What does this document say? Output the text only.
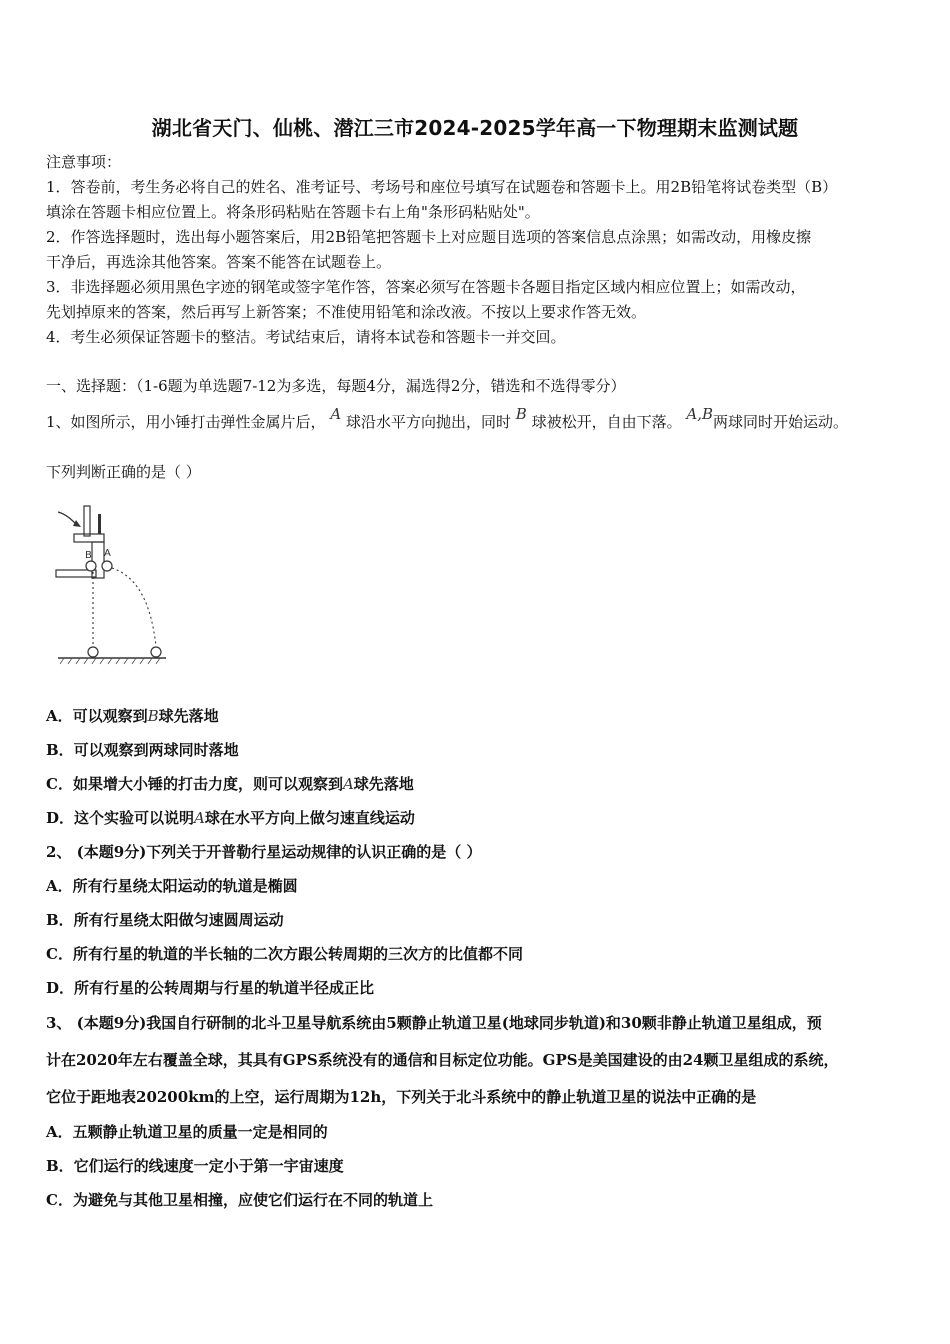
湖北省天门、仙桃、潜江三市2024-2025学年高一下物理期末监测试题
注意事项：
1．答卷前，考生务必将自己的姓名、准考证号、考场号和座位号填写在试题卷和答题卡上。用2B铅笔将试卷类型（B）
填涂在答题卡相应位置上。将条形码粘贴在答题卡右上角"条形码粘贴处"。
2．作答选择题时，选出每小题答案后，用2B铅笔把答题卡上对应题目选项的答案信息点涂黑；如需改动，用橡皮擦
干净后，再选涂其他答案。答案不能答在试题卷上。
3．非选择题必须用黑色字迹的钢笔或签字笔作答，答案必须写在答题卡各题目指定区域内相应位置上；如需改动，
先划掉原来的答案，然后再写上新答案；不准使用铅笔和涂改液。不按以上要求作答无效。
4．考生必须保证答题卡的整洁。考试结束后，请将本试卷和答题卡一并交回。
一、选择题：（1-6题为单选题7-12为多选，每题4分，漏选得2分，错选和不选得零分）
1、如图所示，用小锤打击弹性金属片后， A 球沿水平方向抛出，同时 B 球被松开，自由下落。 A,B两球同时开始运动。
下列判断正确的是（ ）
B A
A．可以观察到B球先落地
B．可以观察到两球同时落地
C．如果增大小锤的打击力度，则可以观察到A球先落地
D．这个实验可以说明A球在水平方向上做匀速直线运动
2、 (本题9分)下列关于开普勒行星运动规律的认识正确的是（ ）
A．所有行星绕太阳运动的轨道是椭圆
B．所有行星绕太阳做匀速圆周运动
C．所有行星的轨道的半长轴的二次方跟公转周期的三次方的比值都不同
D．所有行星的公转周期与行星的轨道半径成正比
3、 (本题9分)我国自行研制的北斗卫星导航系统由5颗静止轨道卫星(地球同步轨道)和30颗非静止轨道卫星组成，预
计在2020年左右覆盖全球，其具有GPS系统没有的通信和目标定位功能。GPS是美国建设的由24颗卫星组成的系统，
它位于距地表20200km的上空，运行周期为12h，下列关于北斗系统中的静止轨道卫星的说法中正确的是
A．五颗静止轨道卫星的质量一定是相同的
B．它们运行的线速度一定小于第一宇宙速度
C．为避免与其他卫星相撞，应使它们运行在不同的轨道上
